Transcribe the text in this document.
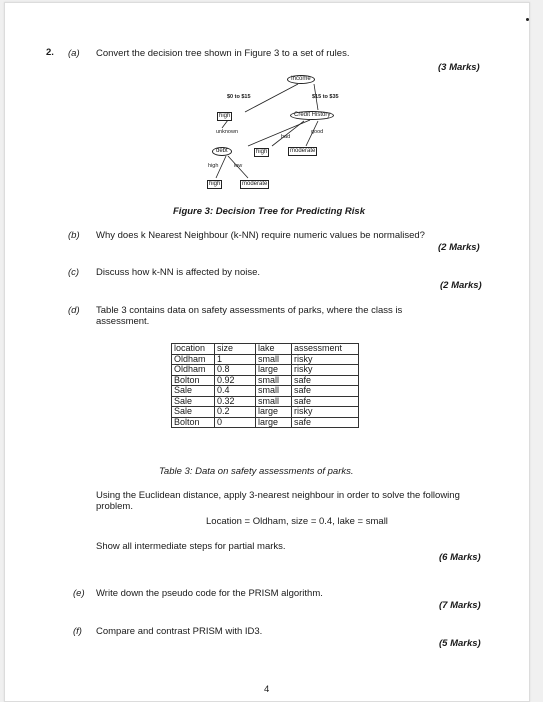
2. (a) Convert the decision tree shown in Figure 3 to a set of rules.
(3 Marks)
Income
$0 to $15	$15 to $35
high	Credit History
unknown
bad
good
debt	high	moderate
high	low
high	moderate
Figure 3: Decision Tree for Predicting Risk
(b) Why does k Nearest Neighbour (k-NN) require numeric values be normalised?
(2 Marks)
(c) Discuss how k-NN is affected by noise.
(2 Marks)
(d) Table 3 contains data on safety assessments of parks, where the class is assessment.
location	size	lake	assessment
Oldham	1	small	risky
Oldham	0.8	large	risky
Bolton	0.92	small	safe
Sale	0.4	small	safe
Sale	0.32	small	safe
Sale	0.2	large	risky
Bolton	0	large	safe
Table 3: Data on safety assessments of parks.
Using the Euclidean distance, apply 3-nearest neighbour in order to solve the following problem.
Location = Oldham, size = 0.4, lake = small
Show all intermediate steps for partial marks.
(6 Marks)
(e) Write down the pseudo code for the PRISM algorithm.
(7 Marks)
(f) Compare and contrast PRISM with ID3.
(5 Marks)
4
